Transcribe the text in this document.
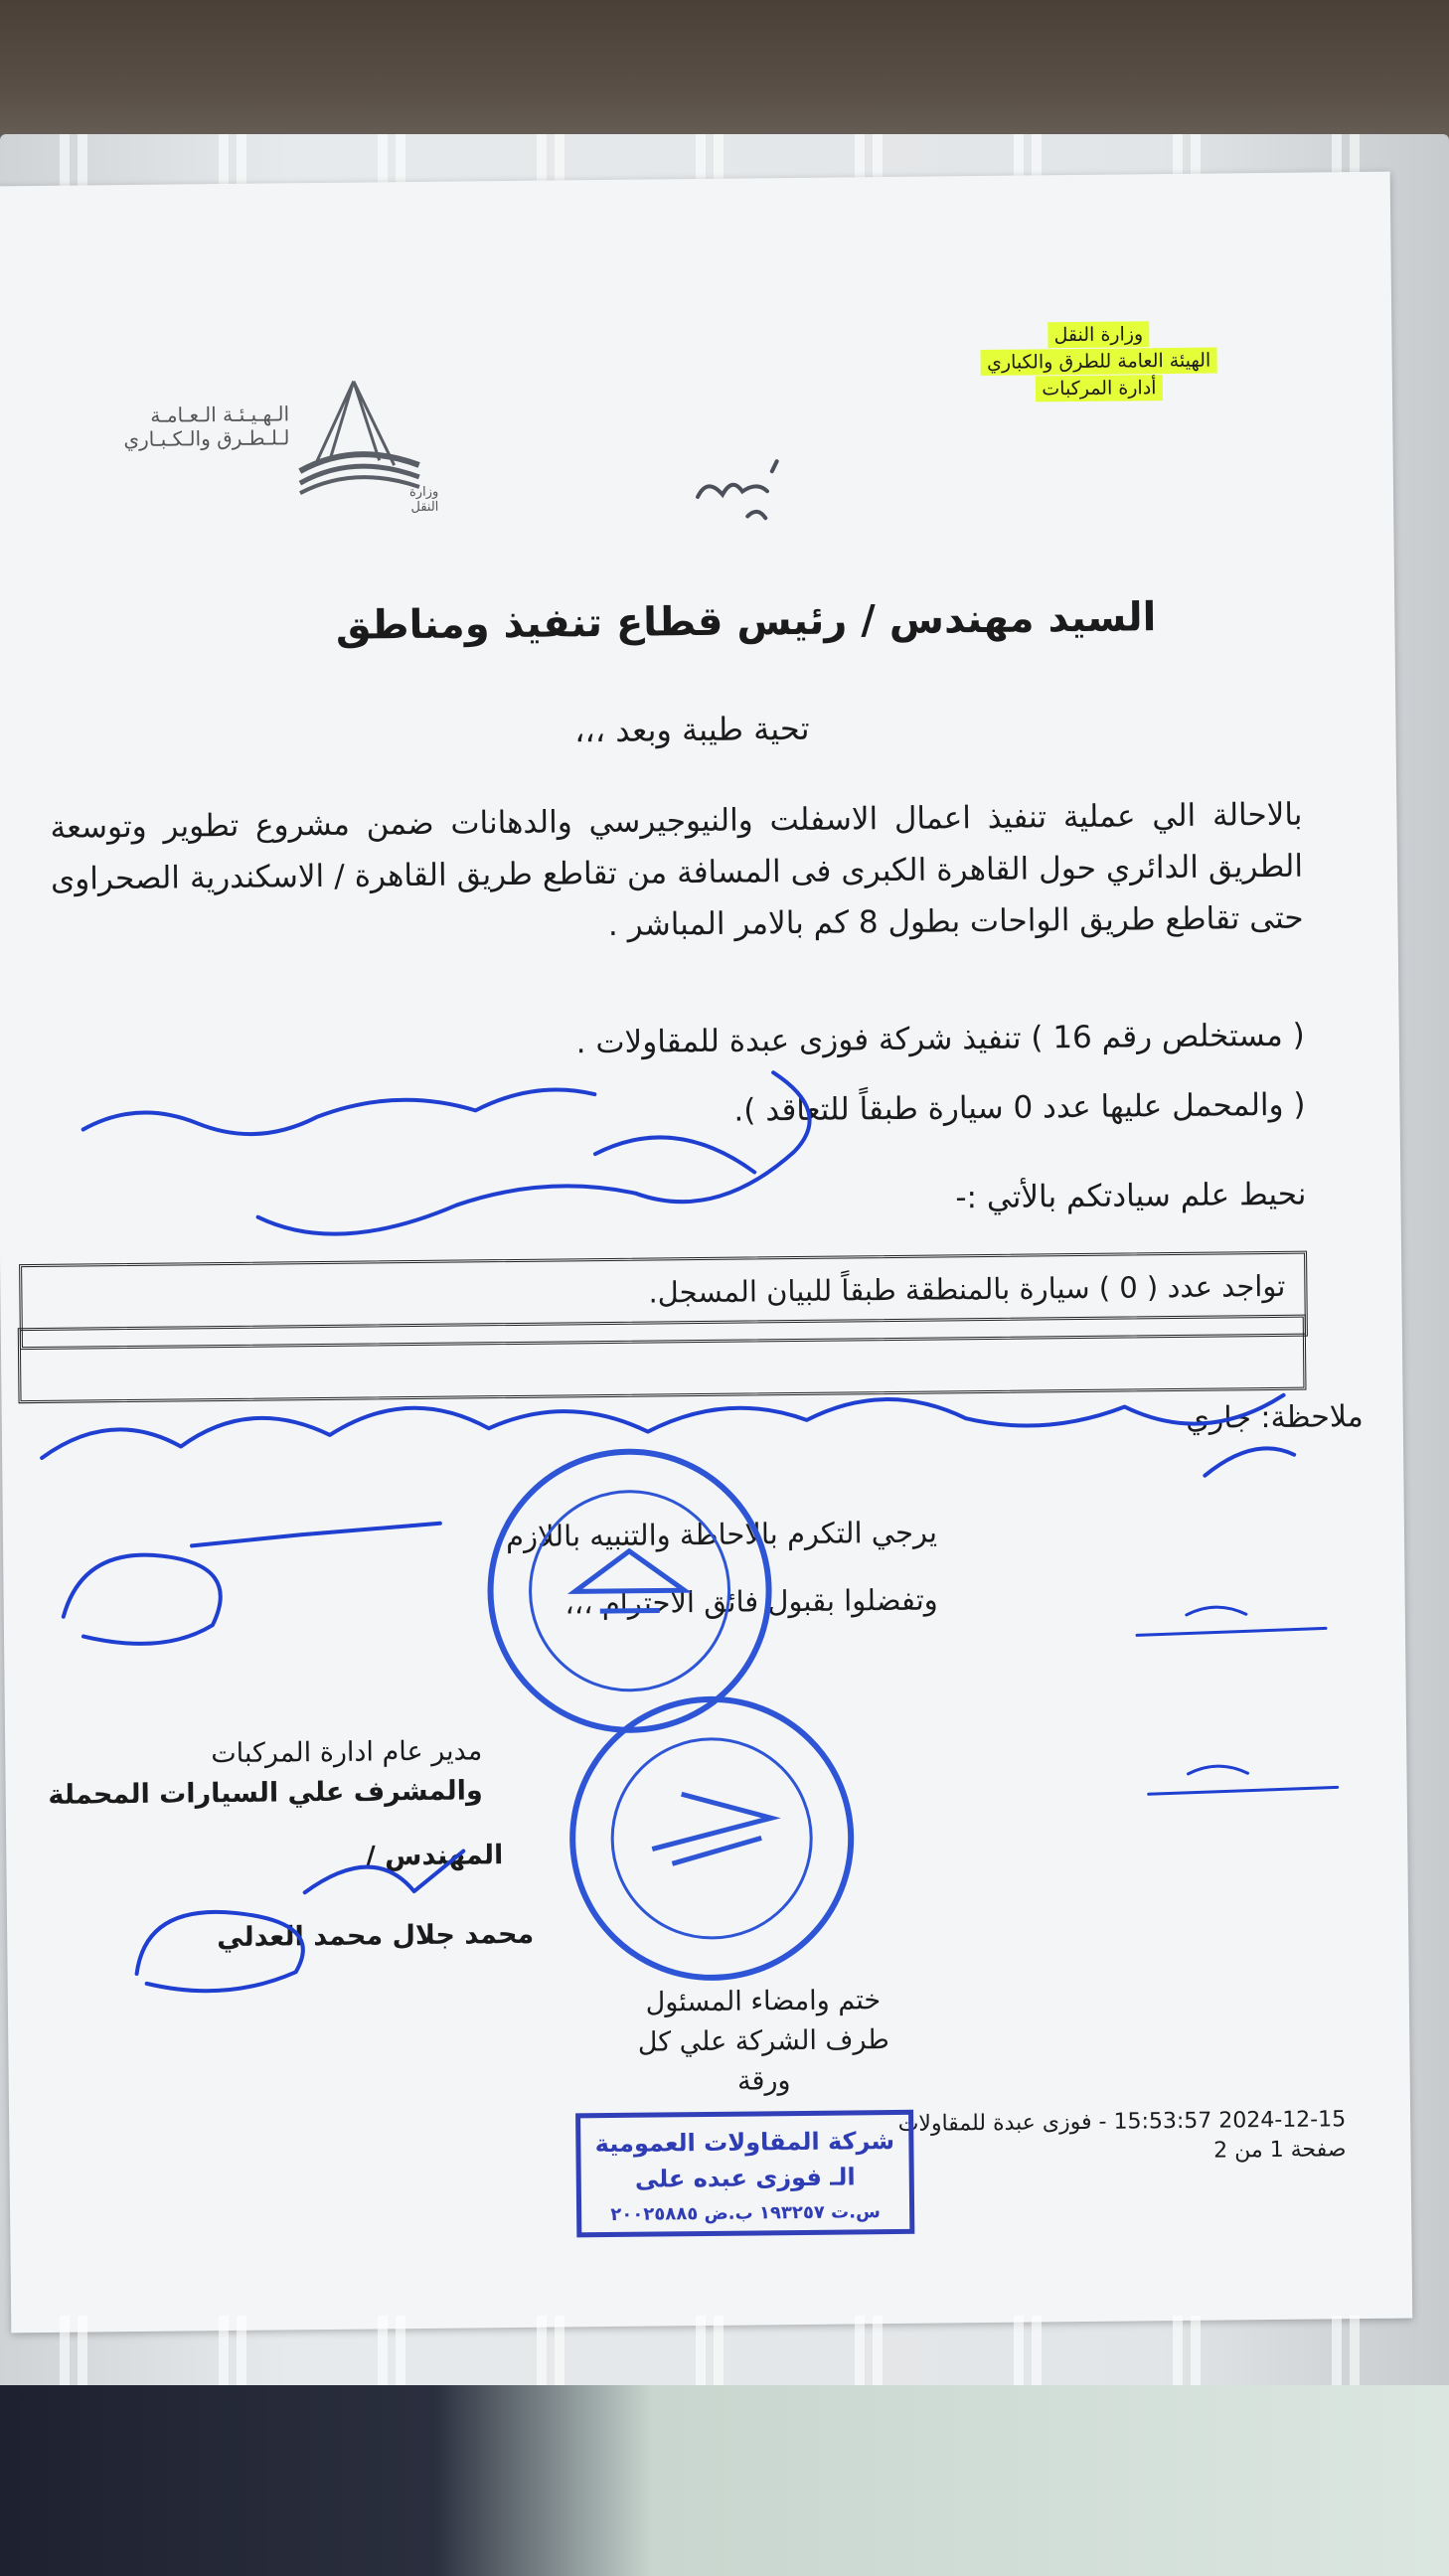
وزارة النقل
الهيئة العامة للطرق والكباري
أدارة المركبات
الـهـيـئـة الـعـامـة
لـلـطـرق والـكـبـاري
وزارة النقل
السيد مهندس / رئيس قطاع تنفيذ ومناطق
تحية طيبة وبعد ،،،
بالاحالة الي عملية تنفيذ اعمال الاسفلت والنيوجيرسي والدهانات ضمن مشروع تطوير وتوسعة الطريق الدائري حول القاهرة الكبرى فى المسافة من تقاطع طريق القاهرة / الاسكندرية الصحراوى حتى تقاطع طريق الواحات بطول 8 كم بالامر المباشر .
( مستخلص رقم 16 ) تنفيذ شركة فوزى عبدة للمقاولات .
( والمحمل عليها عدد 0 سيارة طبقاً للتعاقد ).
نحيط علم سيادتكم بالأتي :-
تواجد عدد ( 0 ) سيارة بالمنطقة طبقاً للبيان المسجل.
ملاحظة: جاري
يرجي التكرم بالاحاطة والتنبيه باللازم
وتفضلوا بقبول فائق الاحترام ،،،
مدير عام ادارة المركبات
والمشرف علي السيارات المحملة
المهندس /
محمد جلال محمد العدلي
ختم وامضاء المسئول
طرف الشركة علي كل
ورقة
2024-12-15 15:53:57 - فوزى عبدة للمقاولات
صفحة 1 من 2
شركة المقاولات العمومية
الـ فوزى عبده على
س.ت ١٩٣٢٥٧ ب.ض ٢٠٠٢٥٨٨٥
